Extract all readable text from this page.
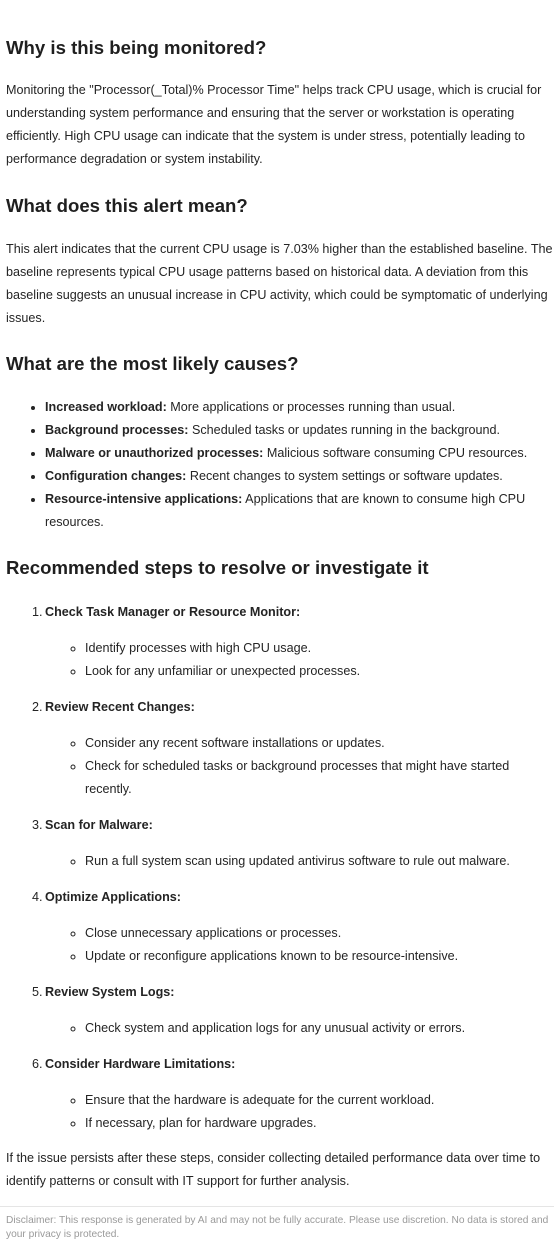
Why is this being monitored?

Monitoring the "Processor(_Total)% Processor Time" helps track CPU usage, which is crucial for understanding system performance and ensuring that the server or workstation is operating efficiently. High CPU usage can indicate that the system is under stress, potentially leading to performance degradation or system instability.

What does this alert mean?

This alert indicates that the current CPU usage is 7.03% higher than the established baseline. The baseline represents typical CPU usage patterns based on historical data. A deviation from this baseline suggests an unusual increase in CPU activity, which could be symptomatic of underlying issues.

What are the most likely causes?
• Increased workload: More applications or processes running than usual.
• Background processes: Scheduled tasks or updates running in the background.
• Malware or unauthorized processes: Malicious software consuming CPU resources.
• Configuration changes: Recent changes to system settings or software updates.
• Resource-intensive applications: Applications that are known to consume high CPU resources.
Recommended steps to resolve or investigate it
1. Check Task Manager or Resource Monitor:
◦ Identify processes with high CPU usage.
◦ Look for any unfamiliar or unexpected processes.
2. Review Recent Changes:
◦ Consider any recent software installations or updates.
◦ Check for scheduled tasks or background processes that might have started recently.
3. Scan for Malware:
◦ Run a full system scan using updated antivirus software to rule out malware.
4. Optimize Applications:
◦ Close unnecessary applications or processes.
◦ Update or reconfigure applications known to be resource-intensive.
5. Review System Logs:
◦ Check system and application logs for any unusual activity or errors.
6. Consider Hardware Limitations:
◦ Ensure that the hardware is adequate for the current workload.
◦ If necessary, plan for hardware upgrades.

If the issue persists after these steps, consider collecting detailed performance data over time to identify patterns or consult with IT support for further analysis.

Disclaimer: This response is generated by AI and may not be fully accurate. Please use discretion. No data is stored and your privacy is protected.
